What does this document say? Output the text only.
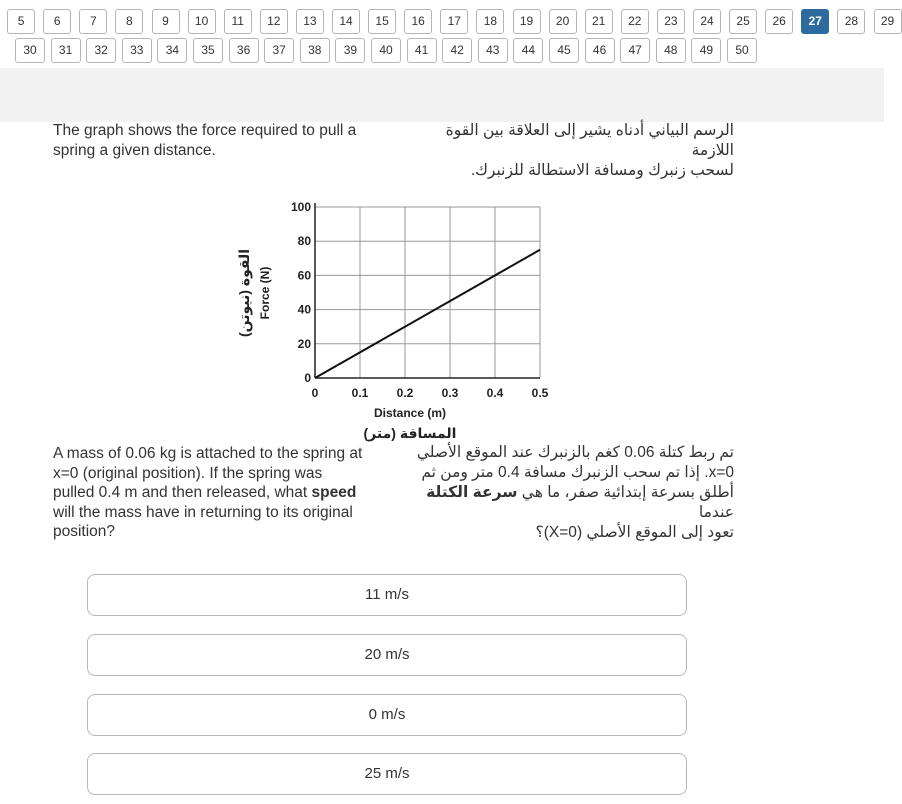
5	6	7	8	9	10	11	12	13	14	15	16	17	18	19	20	21	22	23	24	25	26	27	28	29
30	31	32	33	34	35	36	37	38	39	40	41	42	43	44	45	46	47	48	49	50
The graph shows the force required to pull a
spring a given distance.
الرسم البياني أدناه يشير إلى العلاقة بين القوة اللازمة
لسحب زنبرك ومسافة الاستطالة للزنبرك.
0
20
40
60
80
100
0	0.1 0.2 0.3 0.4 0.5
Distance (m)
المسافة (متر)
Force (N)
القوة (نيوتن)
A mass of 0.06 kg is attached to the spring at
x=0 (original position). If the spring was
pulled 0.4 m and then released, what speed
will the mass have in returning to its original
position?
تم ربط كتلة 0.06 كغم بالزنبرك عند الموقع الأصلي
x=0. إذا تم سحب الزنبرك مسافة 0.4 متر ومن ثم
أطلق بسرعة إبتدائية صفر، ما هي سرعة الكتلة عندما
تعود إلى الموقع الأصلي (X=0)؟
11 m/s
20 m/s
0 m/s
25 m/s
